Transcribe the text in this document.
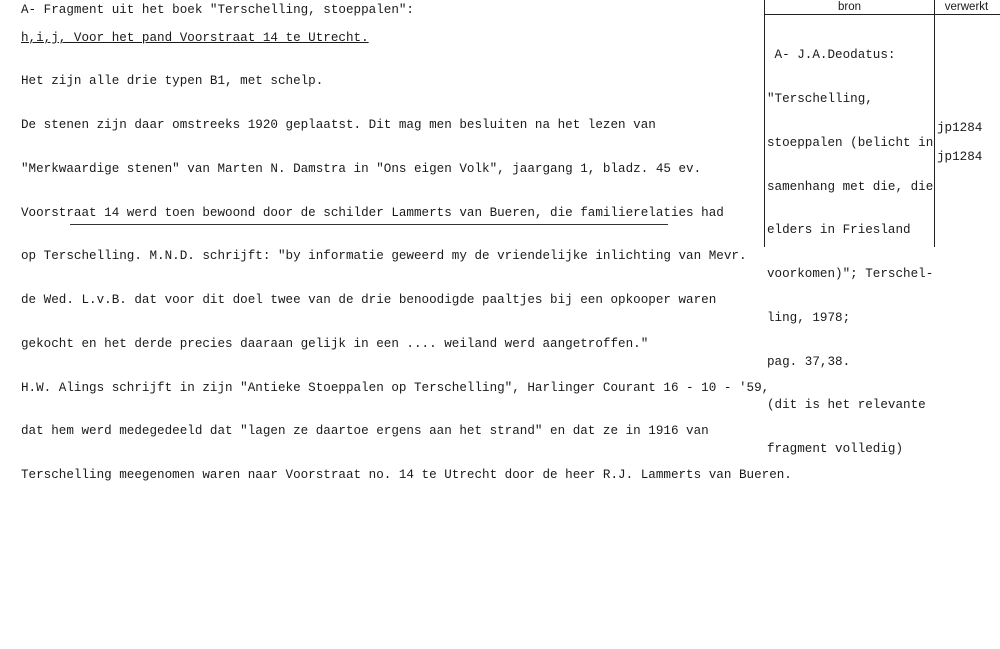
A- Fragment uit het boek "Terschelling, stoeppalen":
h,i,j, Voor het pand Voorstraat 14 te Utrecht.

Het zijn alle drie typen B1, met schelp.

De stenen zijn daar omstreeks 1920 geplaatst. Dit mag men besluiten na het lezen van

"Merkwaardige stenen" van Marten N. Damstra in "Ons eigen Volk", jaargang 1, bladz. 45 ev.

Voorstraat 14 werd toen bewoond door de schilder Lammerts van Bueren, die familierelaties had

op Terschelling. M.N.D. schrijft: "by informatie geweerd my de vriendelijke inlichting van Mevr.

de Wed. L.v.B. dat voor dit doel twee van de drie benoodigde paaltjes bij een opkooper waren

gekocht en het derde precies daaraan gelijk in een .... weiland werd aangetroffen."

H.W. Alings schrijft in zijn "Antieke Stoeppalen op Terschelling", Harlinger Courant 16 - 10 - '59,

dat hem werd medegedeeld dat "lagen ze daartoe ergens aan het strand" en dat ze in 1916 van

Terschelling meegenomen waren naar Voorstraat no. 14 te Utrecht door de heer R.J. Lammerts van Bueren.

bron	verwerkt

A- J.A.Deodatus:

"Terschelling,

stoeppalen (belicht in

samenhang met die, die

elders in Friesland

voorkomen)"; Terschel-

ling, 1978;

pag. 37,38.

(dit is het relevante

fragment volledig)

jp1284
jp1284
